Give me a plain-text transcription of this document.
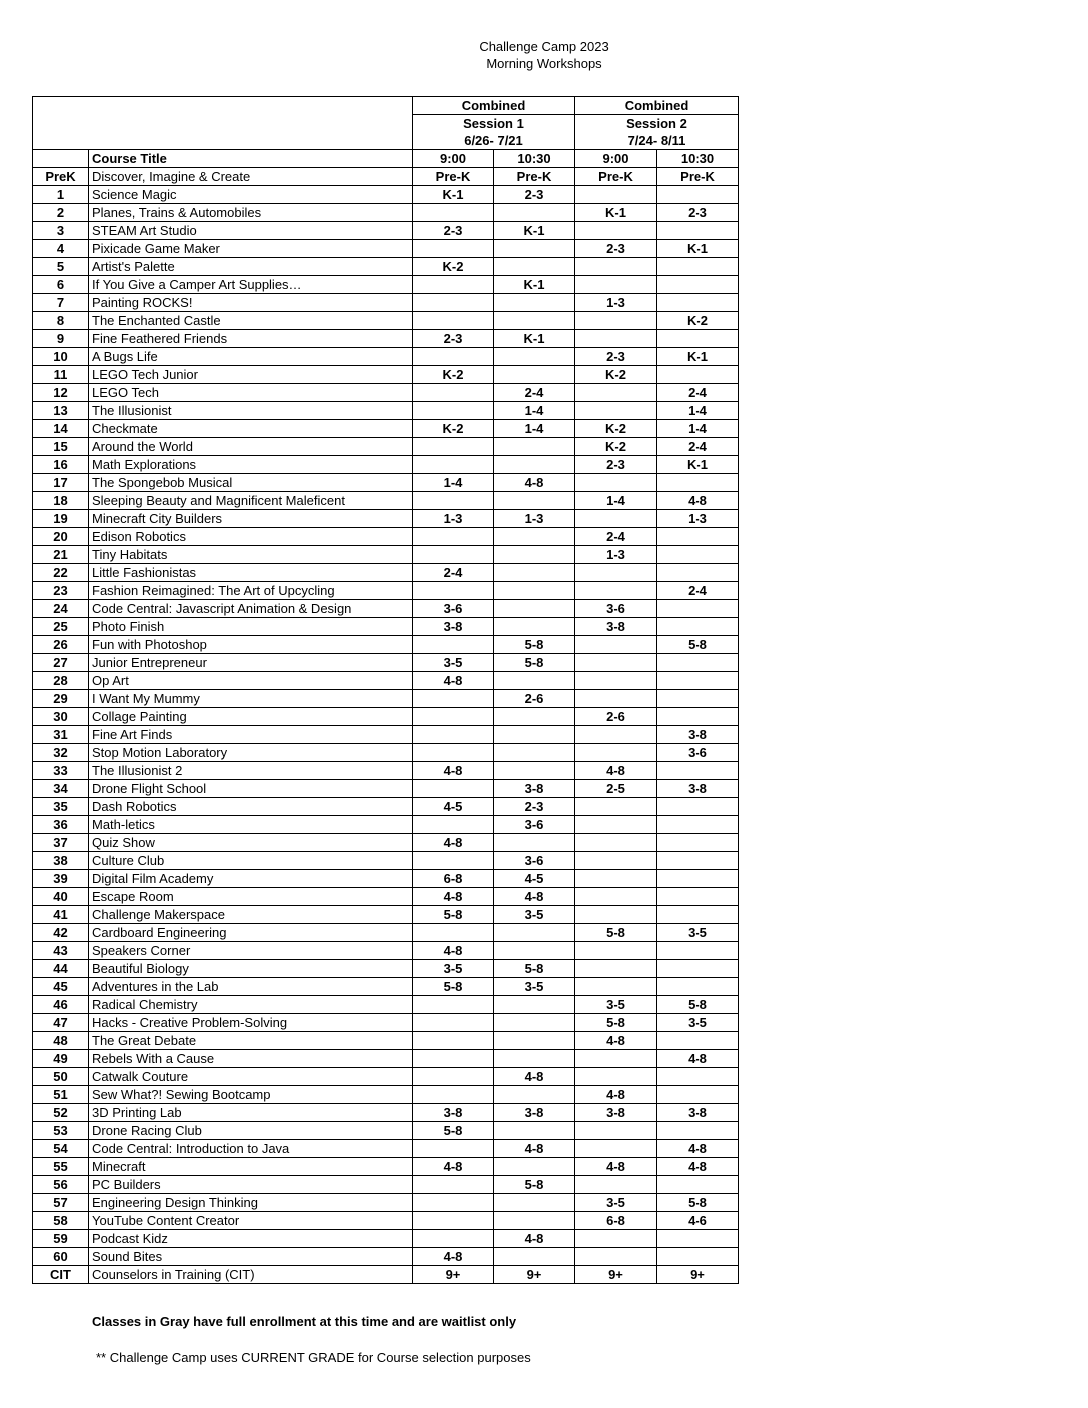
Challenge Camp 2023
Morning Workshops
		Combined		Combined	
		Session 1		Session 2	
		6/26- 7/21		7/24- 8/11	
	Course Title	9:00	10:30	9:00	10:30
PreK	Discover, Imagine & Create	Pre-K	Pre-K	Pre-K	Pre-K
1	Science Magic	K-1	2-3		
2	Planes, Trains & Automobiles			K-1	2-3
3	STEAM Art Studio	2-3	K-1		
4	Pixicade Game Maker			2-3	K-1
5	Artist's Palette	K-2			
6	If You Give a Camper Art Supplies…		K-1		
7	Painting ROCKS!			1-3	
8	The Enchanted Castle				K-2
9	Fine Feathered Friends	2-3	K-1		
10	A Bugs Life			2-3	K-1
11	LEGO Tech Junior	K-2		K-2	
12	LEGO Tech		2-4		2-4
13	The Illusionist		1-4		1-4
14	Checkmate	K-2	1-4	K-2	1-4
15	Around the World			K-2	2-4
16	Math Explorations			2-3	K-1
17	The Spongebob Musical	1-4	4-8		
18	Sleeping Beauty and Magnificent Maleficent			1-4	4-8
19	Minecraft City Builders	1-3	1-3		1-3
20	Edison Robotics			2-4	
21	Tiny Habitats			1-3	
22	Little Fashionistas	2-4			
23	Fashion Reimagined: The Art of Upcycling				2-4
24	Code Central: Javascript Animation & Design	3-6		3-6	
25	Photo Finish	3-8		3-8	
26	Fun with Photoshop		5-8		5-8
27	Junior Entrepreneur	3-5	5-8		
28	Op Art	4-8			
29	I Want My Mummy		2-6		
30	Collage Painting			2-6	
31	Fine Art Finds				3-8
32	Stop Motion Laboratory				3-6
33	The Illusionist 2	4-8		4-8	
34	Drone Flight School		3-8	2-5	3-8
35	Dash Robotics	4-5	2-3		
36	Math-letics		3-6		
37	Quiz Show	4-8			
38	Culture Club		3-6		
39	Digital Film Academy	6-8	4-5		
40	Escape Room	4-8	4-8		
41	Challenge Makerspace	5-8	3-5		
42	Cardboard Engineering			5-8	3-5
43	Speakers Corner	4-8			
44	Beautiful Biology	3-5	5-8		
45	Adventures in the Lab	5-8	3-5		
46	Radical Chemistry			3-5	5-8
47	Hacks - Creative Problem-Solving			5-8	3-5
48	The Great Debate			4-8	
49	Rebels With a Cause				4-8
50	Catwalk Couture		4-8		
51	Sew What?! Sewing Bootcamp			4-8	
52	3D Printing Lab	3-8	3-8	3-8	3-8
53	Drone Racing Club	5-8			
54	Code Central: Introduction to Java		4-8		4-8
55	Minecraft	4-8		4-8	4-8
56	PC Builders		5-8		
57	Engineering Design Thinking			3-5	5-8
58	YouTube Content Creator			6-8	4-6
59	Podcast Kidz		4-8		
60	Sound Bites	4-8			
CIT	Counselors in Training (CIT)	9+	9+	9+	9+
Classes in Gray have full enrollment at this time and are waitlist only
** Challenge Camp uses CURRENT GRADE for Course selection purposes
